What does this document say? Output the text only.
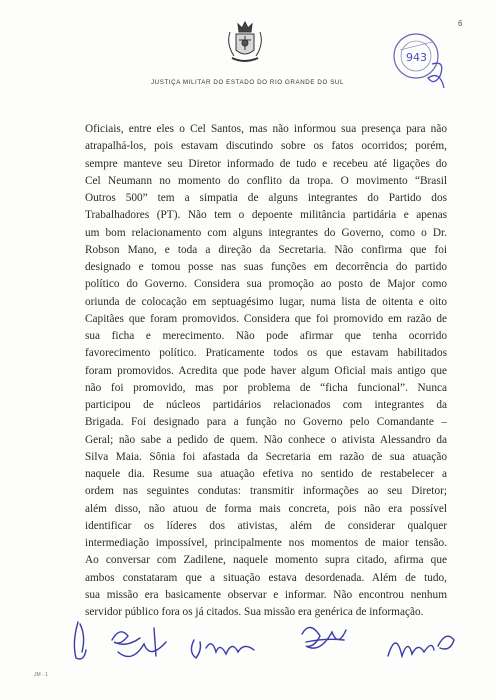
6
JUSTIÇA MILITAR DO ESTADO DO RIO GRANDE DO SUL
943
Oficiais, entre eles o Cel Santos, mas não informou sua presença para não
atrapalhá-los, pois estavam discutindo sobre os fatos ocorridos; porém,
sempre manteve seu Diretor informado de tudo e recebeu até ligações do
Cel Neumann no momento do conflito da tropa. O movimento “Brasil
Outros 500” tem a simpatia de alguns integrantes do Partido dos
Trabalhadores (PT). Não tem o depoente militância partidária e apenas
um bom relacionamento com alguns integrantes do Governo, como o Dr.
Robson Mano, e toda a direção da Secretaria. Não confirma que foi
designado e tomou posse nas suas funções em decorrência do partido
político do Governo. Considera sua promoção ao posto de Major como
oriunda de colocação em septuagésimo lugar, numa lista de oitenta e oito
Capitães que foram promovidos. Considera que foi promovido em razão de
sua ficha e merecimento. Não pode afirmar que tenha ocorrido
favorecimento político. Praticamente todos os que estavam habilitados
foram promovidos. Acredita que pode haver algum Oficial mais antigo que
não foi promovido, mas por problema de “ficha funcional”. Nunca
participou de núcleos partidários relacionados com integrantes da
Brigada. Foi designado para a função no Governo pelo Comandante –
Geral; não sabe a pedido de quem. Não conhece o ativista Alessandro da
Silva Maia. Sônia foi afastada da Secretaria em razão de sua atuação
naquele dia. Resume sua atuação efetiva no sentido de restabelecer a
ordem nas seguintes condutas: transmitir informações ao seu Diretor;
além disso, não atuou de forma mais concreta, pois não era possível
identificar os líderes dos ativistas, além de considerar qualquer
intermediação impossível, principalmente nos momentos de maior tensão.
Ao conversar com Zadilene, naquele momento supra citado, afirma que
ambos constataram que a situação estava desordenada. Além de tudo,
sua missão era basicamente observar e informar. Não encontrou nenhum
servidor público fora os já citados. Sua missão era genérica de informação.
JM - 1
